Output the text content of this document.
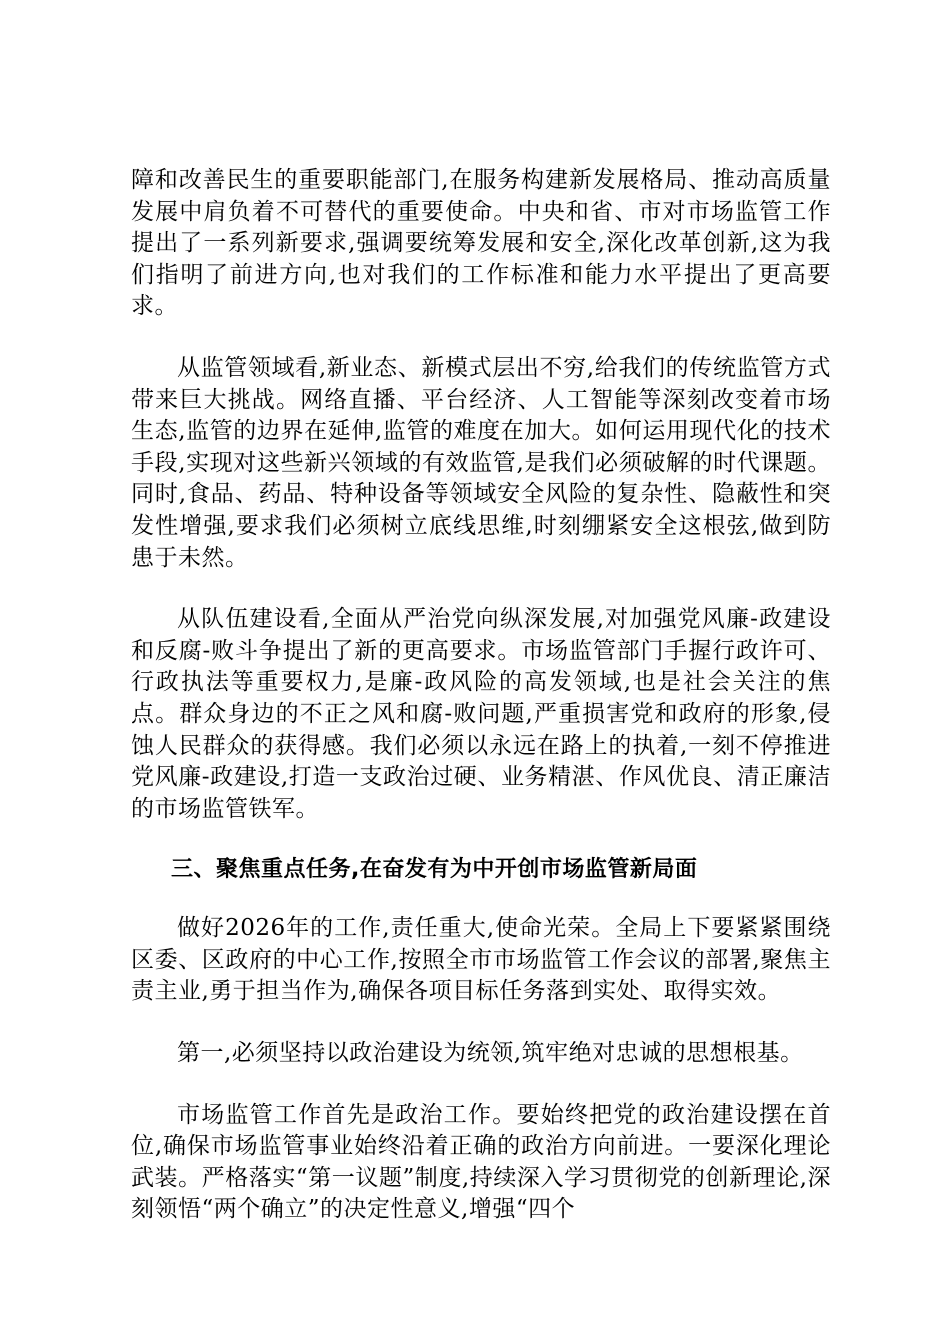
障和改善民生的重要职能部门,在服务构建新发展格局、推动高质量发展中肩负着不可替代的重要使命。中央和省、市对市场监管工作提出了一系列新要求,强调要统筹发展和安全,深化改革创新,这为我们指明了前进方向,也对我们的工作标准和能力水平提出了更高要求。

从监管领域看,新业态、新模式层出不穷,给我们的传统监管方式带来巨大挑战。网络直播、平台经济、人工智能等深刻改变着市场生态,监管的边界在延伸,监管的难度在加大。如何运用现代化的技术手段,实现对这些新兴领域的有效监管,是我们必须破解的时代课题。同时,食品、药品、特种设备等领域安全风险的复杂性、隐蔽性和突发性增强,要求我们必须树立底线思维,时刻绷紧安全这根弦,做到防患于未然。

从队伍建设看,全面从严治党向纵深发展,对加强党风廉-政建设和反腐-败斗争提出了新的更高要求。市场监管部门手握行政许可、行政执法等重要权力,是廉-政风险的高发领域,也是社会关注的焦点。群众身边的不正之风和腐-败问题,严重损害党和政府的形象,侵蚀人民群众的获得感。我们必须以永远在路上的执着,一刻不停推进党风廉-政建设,打造一支政治过硬、业务精湛、作风优良、清正廉洁的市场监管铁军。

三、聚焦重点任务,在奋发有为中开创市场监管新局面

做好2026年的工作,责任重大,使命光荣。全局上下要紧紧围绕区委、区政府的中心工作,按照全市市场监管工作会议的部署,聚焦主责主业,勇于担当作为,确保各项目标任务落到实处、取得实效。

第一,必须坚持以政治建设为统领,筑牢绝对忠诚的思想根基。

市场监管工作首先是政治工作。要始终把党的政治建设摆在首位,确保市场监管事业始终沿着正确的政治方向前进。一要深化理论武装。严格落实“第一议题”制度,持续深入学习贯彻党的创新理论,深刻领悟“两个确立”的决定性意义,增强“四个
